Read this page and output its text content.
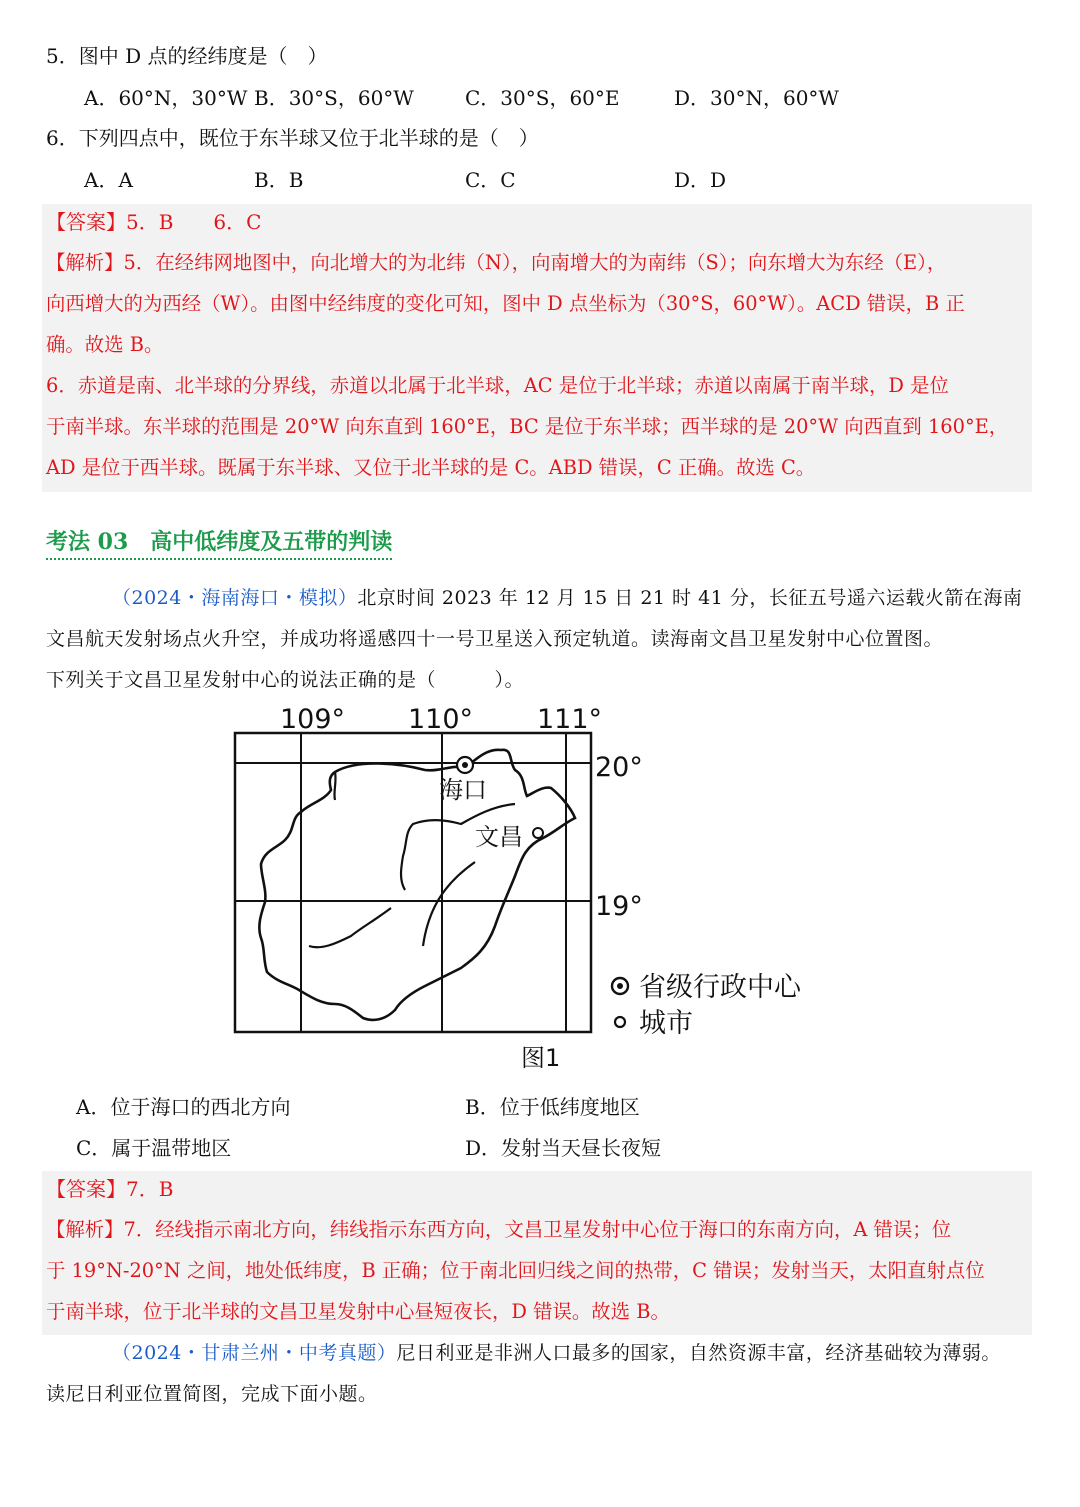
5．图中 D 点的经纬度是（　）
A．60°N，30°W B．30°S，60°W	C．30°S，60°E	D．30°N，60°W
6．下列四点中，既位于东半球又位于北半球的是（　）
A．A	B．B	C．C	D．D
【答案】5．B　　6．C
【解析】5．在经纬网地图中，向北增大的为北纬（N），向南增大的为南纬（S）；向东增大为东经（E），
向西增大的为西经（W）。由图中经纬度的变化可知，图中 D 点坐标为（30°S，60°W）。ACD 错误，B 正
确。故选 B。
6．赤道是南、北半球的分界线，赤道以北属于北半球，AC 是位于北半球；赤道以南属于南半球，D 是位
于南半球。东半球的范围是 20°W 向东直到 160°E，BC 是位于东半球；西半球的是 20°W 向西直到 160°E，
AD 是位于西半球。既属于东半球、又位于北半球的是 C。ABD 错误，C 正确。故选 C。
考法 03 高中低纬度及五带的判读
（2024・海南海口・模拟）北京时间 2023 年 12 月 15 日 21 时 41 分，长征五号遥六运载火箭在海南
文昌航天发射场点火升空，并成功将遥感四十一号卫星送入预定轨道。读海南文昌卫星发射中心位置图。
下列关于文昌卫星发射中心的说法正确的是（　　　）。
109° 110° 111°
20°
19°
海口
文昌
省级行政中心
城市
图1
A．位于海口的西北方向	B．位于低纬度地区
C．属于温带地区	D．发射当天昼长夜短
【答案】7．B
【解析】7．经线指示南北方向，纬线指示东西方向，文昌卫星发射中心位于海口的东南方向，A 错误；位
于 19°N-20°N 之间，地处低纬度，B 正确；位于南北回归线之间的热带，C 错误；发射当天，太阳直射点位
于南半球，位于北半球的文昌卫星发射中心昼短夜长，D 错误。故选 B。
（2024・甘肃兰州・中考真题）尼日利亚是非洲人口最多的国家，自然资源丰富，经济基础较为薄弱。
读尼日利亚位置简图，完成下面小题。
